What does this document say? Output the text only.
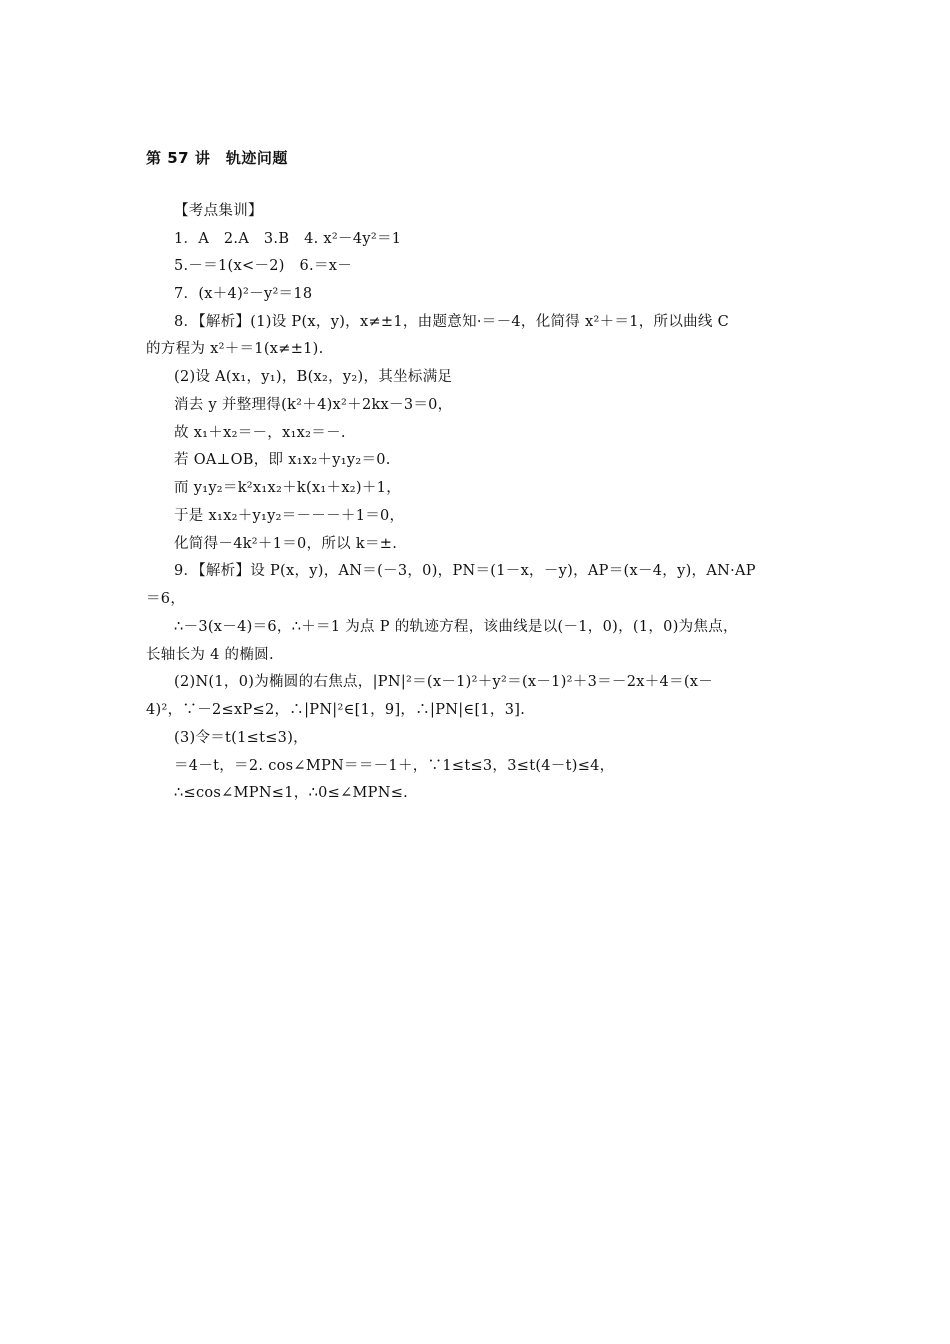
第 57 讲　轨迹问题
【考点集训】
1．A　2.A　3.B　4. x²－4y²＝1
5.－＝1(x<－2)　6.＝x－
7．(x＋4)²－y²＝18
8．【解析】(1)设 P(x，y)，x≠±1，由题意知·＝－4，化简得 x²＋＝1，所以曲线 C
的方程为 x²＋＝1(x≠±1).
(2)设 A(x₁，y₁)，B(x₂，y₂)，其坐标满足
消去 y 并整理得(k²＋4)x²＋2kx－3＝0，
故 x₁＋x₂＝－，x₁x₂＝－.
若 OA⊥OB，即 x₁x₂＋y₁y₂＝0.
而 y₁y₂＝k²x₁x₂＋k(x₁＋x₂)＋1，
于是 x₁x₂＋y₁y₂＝－－－＋1＝0，
化简得－4k²＋1＝0，所以 k＝±.
9．【解析】设 P(x，y)，AN＝(－3，0)，PN＝(1－x，－y)，AP＝(x－4，y)，AN·AP
＝6，
∴－3(x－4)＝6，∴＋＝1 为点 P 的轨迹方程，该曲线是以(－1，0)，(1，0)为焦点，
长轴长为 4 的椭圆.
(2)N(1，0)为椭圆的右焦点，|PN|²＝(x－1)²＋y²＝(x－1)²＋3＝－2x＋4＝(x－
4)²，∵－2≤xP≤2，∴|PN|²∈[1，9]，∴|PN|∈[1，3].
(3)令＝t(1≤t≤3)，
＝4－t，＝2. cos∠MPN＝＝－1＋，∵1≤t≤3，3≤t(4－t)≤4，
∴≤cos∠MPN≤1，∴0≤∠MPN≤.
